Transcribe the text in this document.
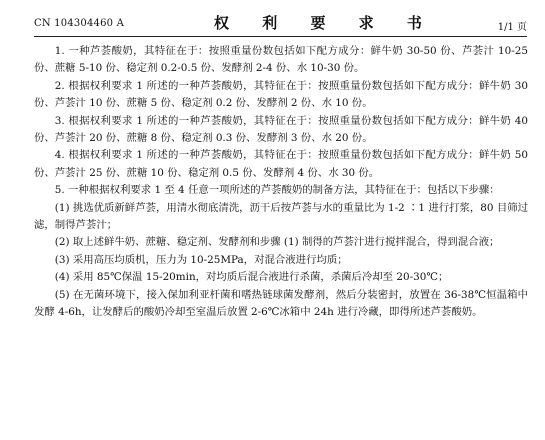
CN 104304460 A	权 利 要 求 书	1/1 页

1. 一种芦荟酸奶，其特征在于：按照重量份数包括如下配方成分：鲜牛奶 30-50 份、芦荟汁 10-25 份、蔗糖 5-10 份、稳定剂 0.2-0.5 份、发酵剂 2-4 份、水 10-30 份。

2. 根据权利要求 1 所述的一种芦荟酸奶，其特征在于：按照重量份数包括如下配方成分：鲜牛奶 30 份、芦荟汁 10 份、蔗糖 5 份、稳定剂 0.2 份、发酵剂 2 份、水 10 份。

3. 根据权利要求 1 所述的一种芦荟酸奶，其特征在于：按照重量份数包括如下配方成分：鲜牛奶 40 份、芦荟汁 20 份、蔗糖 8 份、稳定剂 0.3 份、发酵剂 3 份、水 20 份。

4. 根据权利要求 1 所述的一种芦荟酸奶，其特征在于：按照重量份数包括如下配方成分：鲜牛奶 50 份、芦荟汁 25 份、蔗糖 10 份、稳定剂 0.5 份、发酵剂 4 份、水 30 份。

5. 一种根据权利要求 1 至 4 任意一项所述的芦荟酸奶的制备方法，其特征在于：包括以下步骤：

(1) 挑选优质新鲜芦荟，用清水彻底清洗，沥干后按芦荟与水的重量比为 1-2 ∶1 进行打浆，80 目筛过滤，制得芦荟汁；

(2) 取上述鲜牛奶、蔗糖、稳定剂、发酵剂和步骤 (1) 制得的芦荟汁进行搅拌混合，得到混合液；

(3) 采用高压均质机，压力为 10-25MPa，对混合液进行均质；

(4) 采用 85℃保温 15-20min，对均质后混合液进行杀菌，杀菌后冷却至 20-30℃；

(5) 在无菌环境下，接入保加利亚杆菌和嗜热链球菌发酵剂，然后分装密封，放置在 36-38℃恒温箱中发酵 4-6h，让发酵后的酸奶冷却至室温后放置 2-6℃冰箱中 24h 进行冷藏，即得所述芦荟酸奶。
